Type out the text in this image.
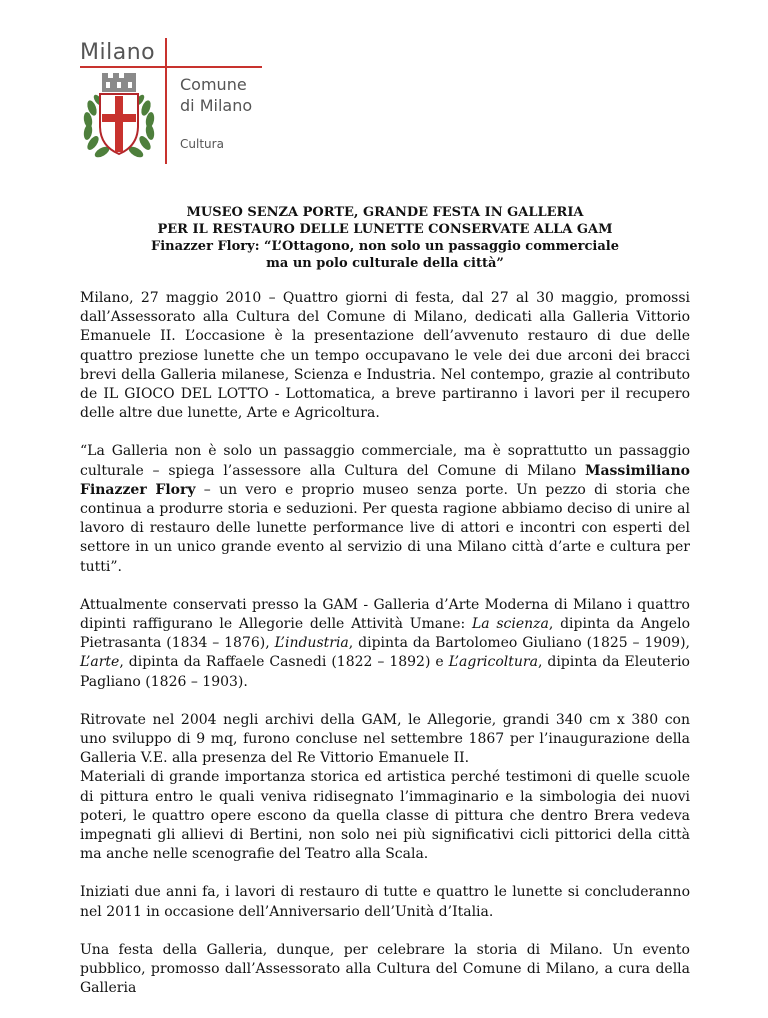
Milano
Comune
di Milano
Cultura
MUSEO SENZA PORTE, GRANDE FESTA IN GALLERIA
PER IL RESTAURO DELLE LUNETTE CONSERVATE ALLA GAM
Finazzer Flory: “L’Ottagono, non solo un passaggio commerciale
ma un polo culturale della città”

Milano, 27 maggio 2010 – Quattro giorni di festa, dal 27 al 30 maggio, promossi dall’Assessorato alla Cultura del Comune di Milano, dedicati alla Galleria Vittorio Emanuele II. L’occasione è la presentazione dell’avvenuto restauro di due delle quattro preziose lunette che un tempo occupavano le vele dei due arconi dei bracci brevi della Galleria milanese, Scienza e Industria. Nel contempo, grazie al contributo de IL GIOCO DEL LOTTO - Lottomatica, a breve partiranno i lavori per il recupero delle altre due lunette, Arte e Agricoltura.

“La Galleria non è solo un passaggio commerciale, ma è soprattutto un passaggio culturale – spiega l’assessore alla Cultura del Comune di Milano Massimiliano Finazzer Flory – un vero e proprio museo senza porte. Un pezzo di storia che continua a produrre storia e seduzioni. Per questa ragione abbiamo deciso di unire al lavoro di restauro delle lunette performance live di attori e incontri con esperti del settore in un unico grande evento al servizio di una Milano città d’arte e cultura per tutti”.

Attualmente conservati presso la GAM - Galleria d’Arte Moderna di Milano i quattro dipinti raffigurano le Allegorie delle Attività Umane: La scienza, dipinta da Angelo Pietrasanta (1834 – 1876), L’industria, dipinta da Bartolomeo Giuliano (1825 – 1909), L’arte, dipinta da Raffaele Casnedi (1822 – 1892) e L’agricoltura, dipinta da Eleuterio Pagliano (1826 – 1903).

Ritrovate nel 2004 negli archivi della GAM, le Allegorie, grandi 340 cm x 380 con uno sviluppo di 9 mq, furono concluse nel settembre 1867 per l’inaugurazione della Galleria V.E. alla presenza del Re Vittorio Emanuele II.

Materiali di grande importanza storica ed artistica perché testimoni di quelle scuole di pittura entro le quali veniva ridisegnato l’immaginario e la simbologia dei nuovi poteri, le quattro opere escono da quella classe di pittura che dentro Brera vedeva impegnati gli allievi di Bertini, non solo nei più significativi cicli pittorici della città ma anche nelle scenografie del Teatro alla Scala.

Iniziati due anni fa, i lavori di restauro di tutte e quattro le lunette si concluderanno nel 2011 in occasione dell’Anniversario dell’Unità d’Italia.

Una festa della Galleria, dunque, per celebrare la storia di Milano. Un evento pubblico, promosso dall’Assessorato alla Cultura del Comune di Milano, a cura della Galleria
